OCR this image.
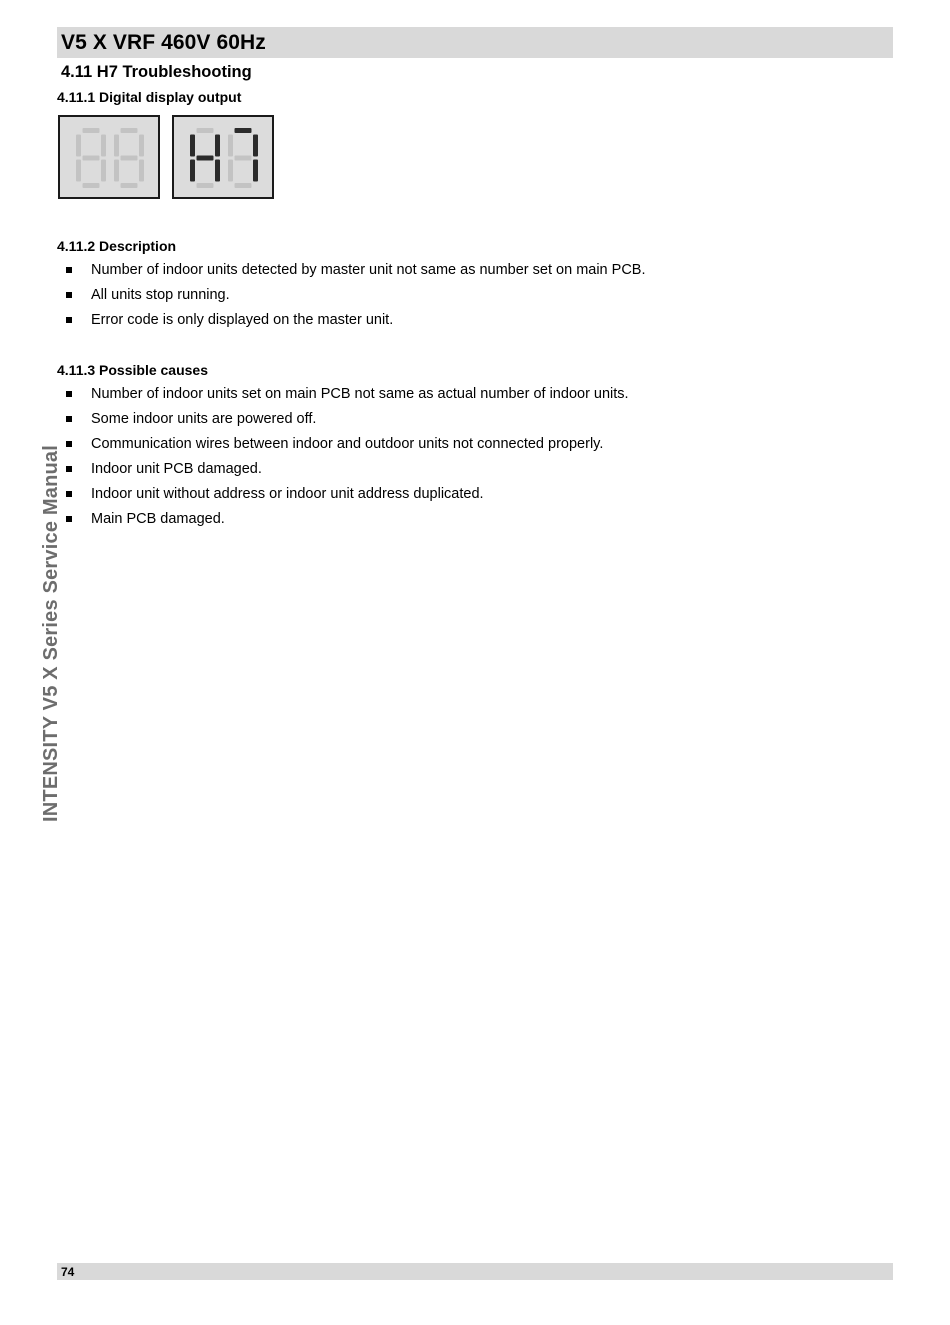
V5 X VRF 460V 60Hz
4.11 H7 Troubleshooting
4.11.1 Digital display output
4.11.2 Description
Number of indoor units detected by master unit not same as number set on main PCB.
All units stop running.
Error code is only displayed on the master unit.
4.11.3 Possible causes
Number of indoor units set on main PCB not same as actual number of indoor units.
Some indoor units are powered off.
Communication wires between indoor and outdoor units not connected properly.
Indoor unit PCB damaged.
Indoor unit without address or indoor unit address duplicated.
Main PCB damaged.
INTENSITY V5 X Series Service Manual
74
